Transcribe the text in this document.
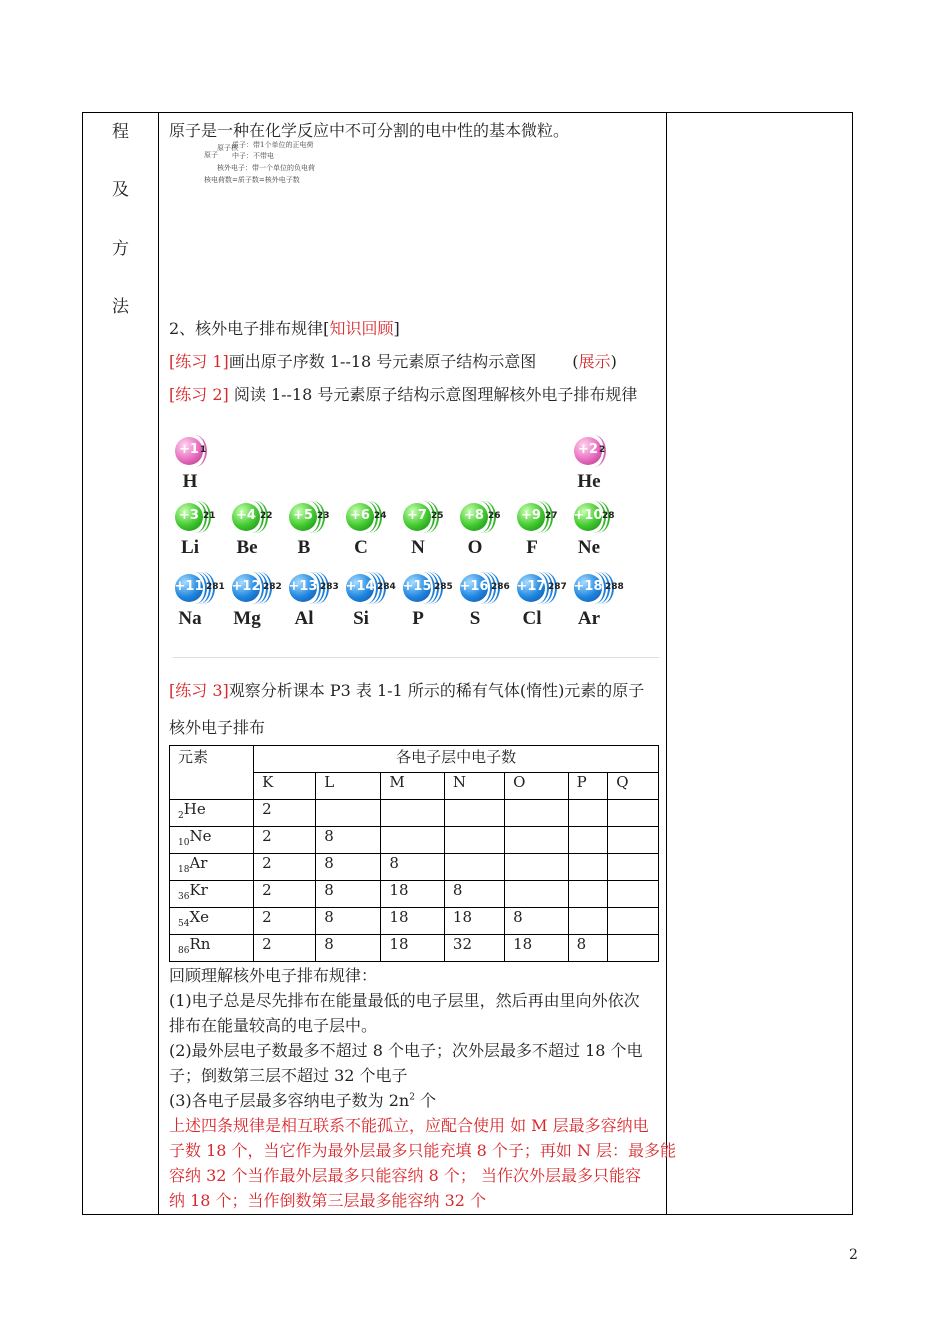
程
及
方
法
原子是一种在化学反应中不可分割的电中性的基本微粒。
原子
原子核
质子：带1个单位的正电荷
中子：不带电
核外电子：带一个单位的负电荷
核电荷数=质子数=核外电子数
2、核外电子排布规律[知识回顾]
[练习 1]画出原子序数 1--18 号元素原子结构示意图 (展示)
[练习 2] 阅读 1--18 号元素原子结构示意图理解核外电子排布规律
+1 1
H
+2 2
He
+3 21
Li
+4 22
Be
+5 23
B
+6 24
C
+7 25
N
+8 26
O
+9 27
F
+10 28
Ne
+11 281
Na
+12 282
Mg
+13 283
Al
+14 284
Si
+15 285
P
+16 286
S
+17 287
Cl
+18 288
Ar
[练习 3]观察分析课本 P3 表 1-1 所示的稀有气体(惰性)元素的原子
核外电子排布
元素	各电子层中电子数						
	K	L	M	N	O	P	Q
$_2$He	2						
$_{10}$Ne	2	8					
$_{18}$Ar	2	8	8				
$_{36}$Kr	2	8	18	8			
$_{54}$Xe	2	8	18	18	8		
$_{86}$Rn	2	8	18	32	18	8	
回顾理解核外电子排布规律：
(1)电子总是尽先排布在能量最低的电子层里，然后再由里向外依次
排布在能量较高的电子层中。
(2)最外层电子数最多不超过 8 个电子；次外层最多不超过 18 个电
子；倒数第三层不超过 32 个电子
(3)各电子层最多容纳电子数为 $2n^2$ 个
上述四条规律是相互联系不能孤立，应配合使用 如 M 层最多容纳电
子数 18 个，当它作为最外层最多只能充填 8 个子；再如 N 层：最多能
容纳 32 个当作最外层最多只能容纳 8 个； 当作次外层最多只能容
纳 18 个；当作倒数第三层最多能容纳 32 个
2
